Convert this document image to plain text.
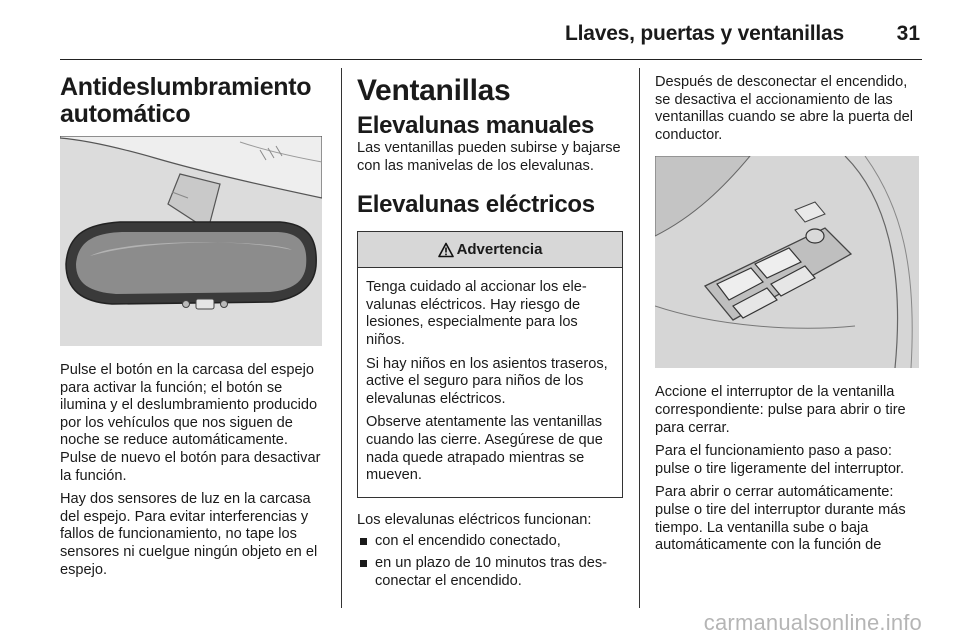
Llaves, puertas y ventanillas	31
Antideslumbramiento
automático

Pulse el botón en la carcasa del espejo para activar la función; el botón se ilumina y el deslumbramiento producido por los vehículos que nos siguen de noche se reduce automáticamente. Pulse de nuevo el botón para desactivar la función.

Hay dos sensores de luz en la carcasa del espejo. Para evitar interferencias y fallos de funcionamiento, no tape los sensores ni cuelgue ningún objeto en el espejo.

Ventanillas
Elevalunas manuales

Las ventanillas pueden subirse y bajarse con las manivelas de los elevalunas.

Elevalunas eléctricos
Advertencia

Tenga cuidado al accionar los elevalunas eléctricos. Hay riesgo de lesiones, especialmente para los niños.

Si hay niños en los asientos traseros, active el seguro para niños de los elevalunas eléctricos.

Observe atentamente las ventanillas cuando las cierre. Asegúrese de que nada quede atrapado mientras se mueven.

Los elevalunas eléctricos funcionan:

con el encendido conectado,
en un plazo de 10 minutos tras desconectar el encendido.

Después de desconectar el encendido, se desactiva el accionamiento de las ventanillas cuando se abre la puerta del conductor.

Accione el interruptor de la ventanilla correspondiente: pulse para abrir o tire para cerrar.

Para el funcionamiento paso a paso: pulse o tire ligeramente del interruptor.

Para abrir o cerrar automáticamente: pulse o tire del interruptor durante más tiempo. La ventanilla sube o baja automáticamente con la función de

carmanualsonline.info
